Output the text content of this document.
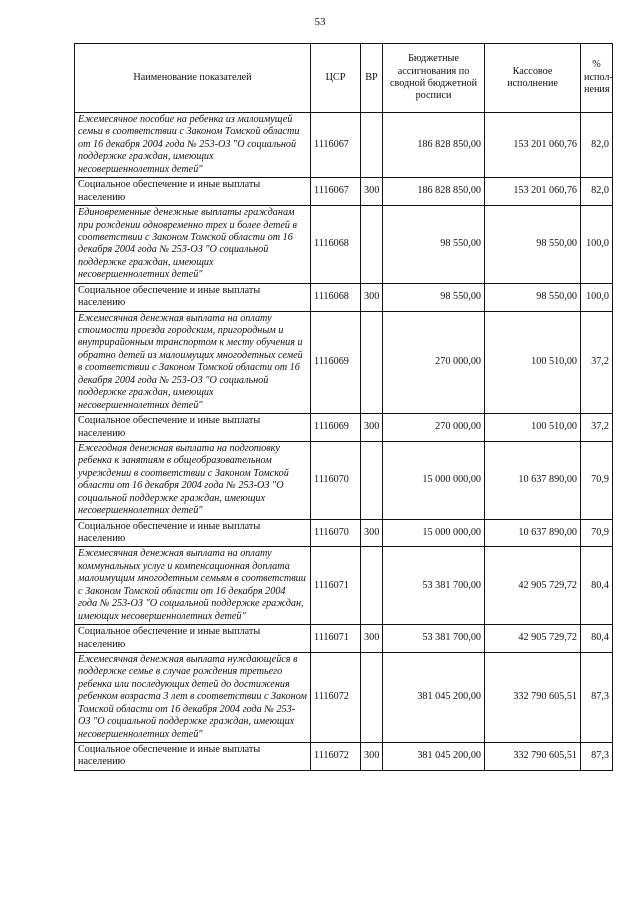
53
Наименование показателей	ЦСР	ВР	Бюджетные ассигнования по сводной бюджетной росписи	Кассовое исполнение	% испол-нения
Ежемесячное пособие на ребенка из малоимущей семьи в соответствии с Законом Томской области от 16 декабря 2004 года № 253-ОЗ "О социальной поддержке граждан, имеющих несовершеннолетних детей"	1116067		186 828 850,00	153 201 060,76	82,0
Социальное обеспечение и иные выплаты населению	1116067	300	186 828 850,00	153 201 060,76	82,0
Единовременные денежные выплаты гражданам при рождении одновременно трех и более детей в соответствии с Законом Томской области от 16 декабря 2004 года № 253-ОЗ "О социальной поддержке граждан, имеющих несовершеннолетних детей"	1116068		98 550,00	98 550,00	100,0
Социальное обеспечение и иные выплаты населению	1116068	300	98 550,00	98 550,00	100,0
Ежемесячная денежная выплата на оплату стоимости проезда городским, пригородным и внутрирайонным транспортом к месту обучения и обратно детей из малоимущих многодетных семей в соответствии с Законом Томской области от 16 декабря 2004 года № 253-ОЗ "О социальной поддержке граждан, имеющих несовершеннолетних детей"	1116069		270 000,00	100 510,00	37,2
Социальное обеспечение и иные выплаты населению	1116069	300	270 000,00	100 510,00	37,2
Ежегодная денежная выплата на подготовку ребенка к занятиям в общеобразовательном учреждении в соответствии с Законом Томской области от 16 декабря 2004 года № 253-ОЗ "О социальной поддержке граждан, имеющих несовершеннолетних детей"	1116070		15 000 000,00	10 637 890,00	70,9
Социальное обеспечение и иные выплаты населению	1116070	300	15 000 000,00	10 637 890,00	70,9
Ежемесячная денежная выплата на оплату коммунальных услуг и компенсационная доплата малоимущим многодетным семьям в соответствии с Законом Томской области от 16 декабря 2004 года № 253-ОЗ "О социальной поддержке граждан, имеющих несовершеннолетних детей"	1116071		53 381 700,00	42 905 729,72	80,4
Социальное обеспечение и иные выплаты населению	1116071	300	53 381 700,00	42 905 729,72	80,4
Ежемесячная денежная выплата нуждающейся в поддержке семье в случае рождения третьего ребенка или последующих детей до достижения ребенком возраста 3 лет в соответствии с Законом Томской области от 16 декабря 2004 года № 253-ОЗ "О социальной поддержке граждан, имеющих несовершеннолетних детей"	1116072		381 045 200,00	332 790 605,51	87,3
Социальное обеспечение и иные выплаты населению	1116072	300	381 045 200,00	332 790 605,51	87,3
